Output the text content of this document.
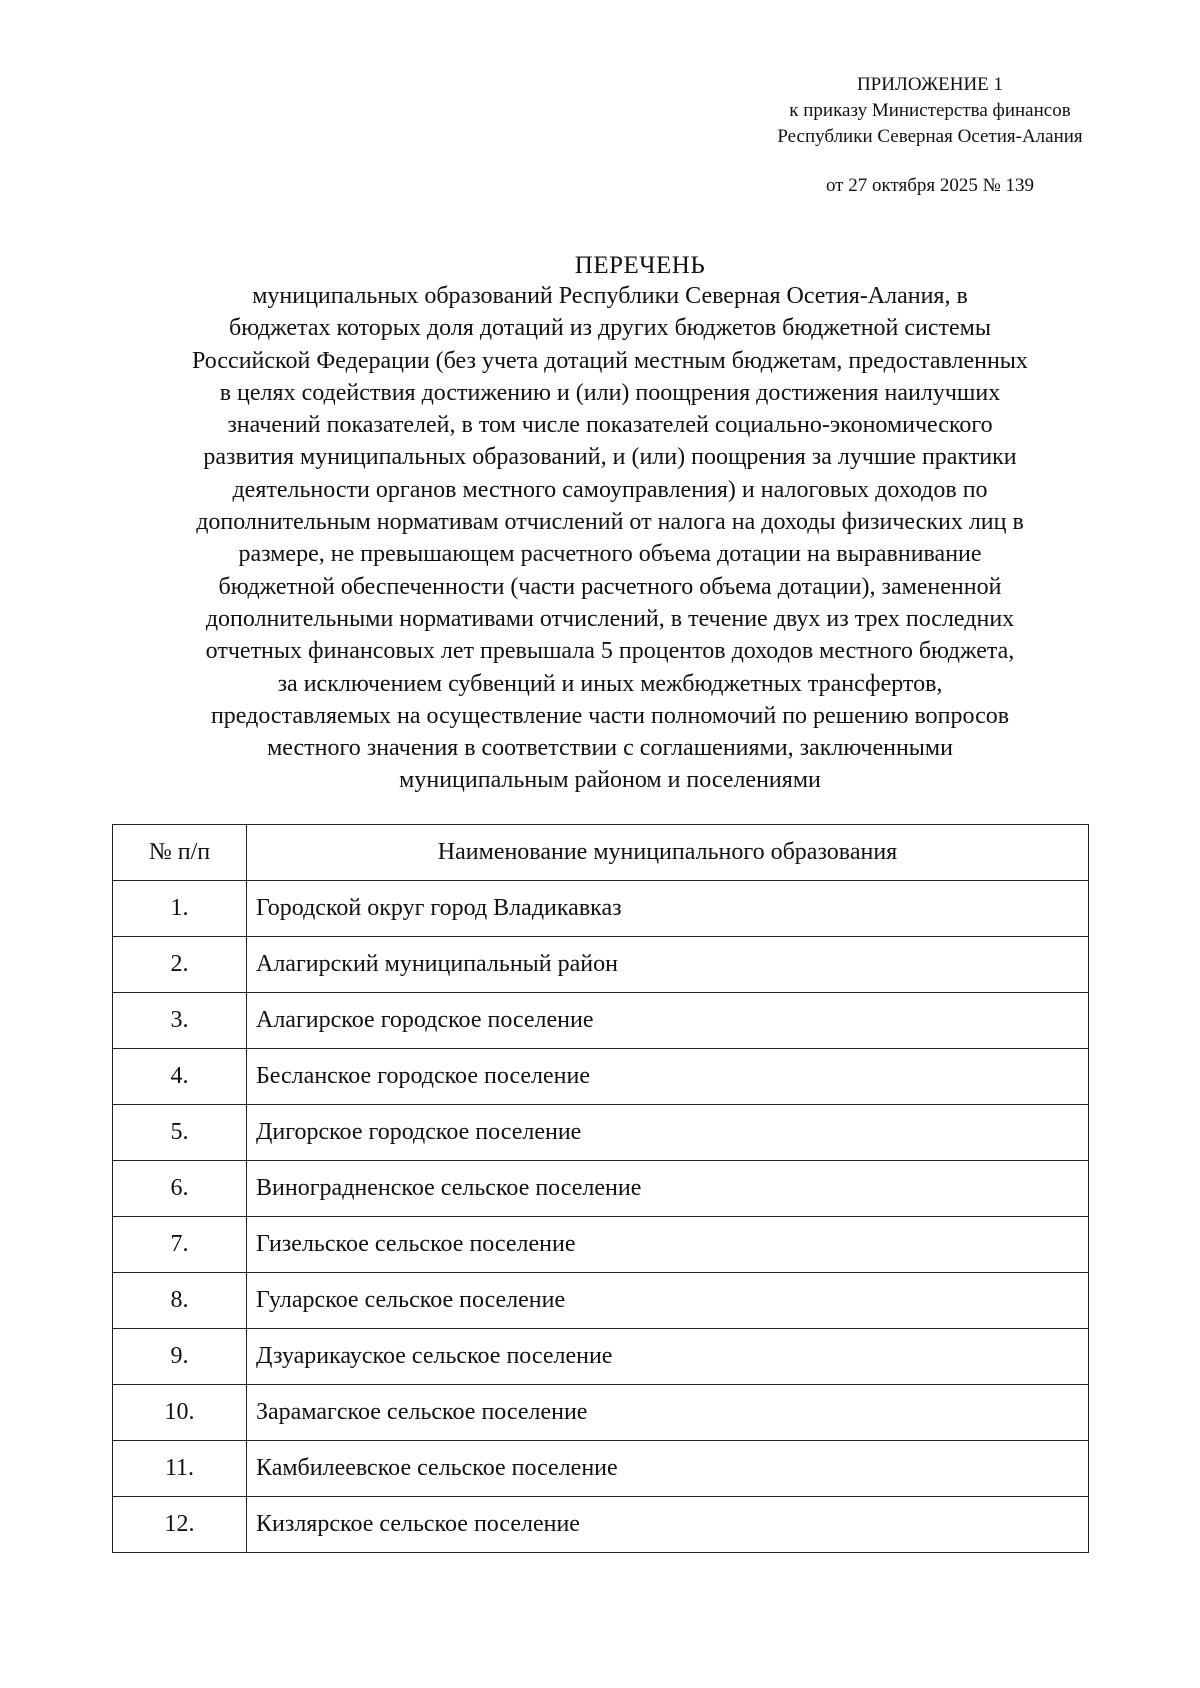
ПРИЛОЖЕНИЕ 1
к приказу Министерства финансов
Республики Северная Осетия-Алания
от 27 октября 2025 № 139
ПЕРЕЧЕНЬ
муниципальных образований Республики Северная Осетия-Алания, в
бюджетах которых доля дотаций из других бюджетов бюджетной системы
Российской Федерации (без учета дотаций местным бюджетам, предоставленных
в целях содействия достижению и (или) поощрения достижения наилучших
значений показателей, в том числе показателей социально-экономического
развития муниципальных образований, и (или) поощрения за лучшие практики
деятельности органов местного самоуправления) и налоговых доходов по
дополнительным нормативам отчислений от налога на доходы физических лиц в
размере, не превышающем расчетного объема дотации на выравнивание
бюджетной обеспеченности (части расчетного объема дотации), замененной
дополнительными нормативами отчислений, в течение двух из трех последних
отчетных финансовых лет превышала 5 процентов доходов местного бюджета,
за исключением субвенций и иных межбюджетных трансфертов,
предоставляемых на осуществление части полномочий по решению вопросов
местного значения в соответствии с соглашениями, заключенными
муниципальным районом и поселениями
№ п/п	Наименование муниципального образования
1.	Городской округ город Владикавказ
2.	Алагирский муниципальный район
3.	Алагирское городское поселение
4.	Бесланское городское поселение
5.	Дигорское городское поселение
6.	Виноградненское сельское поселение
7.	Гизельское сельское поселение
8.	Гуларское сельское поселение
9.	Дзуарикауское сельское поселение
10.	Зарамагское сельское поселение
11.	Камбилеевское сельское поселение
12.	Кизлярское сельское поселение
